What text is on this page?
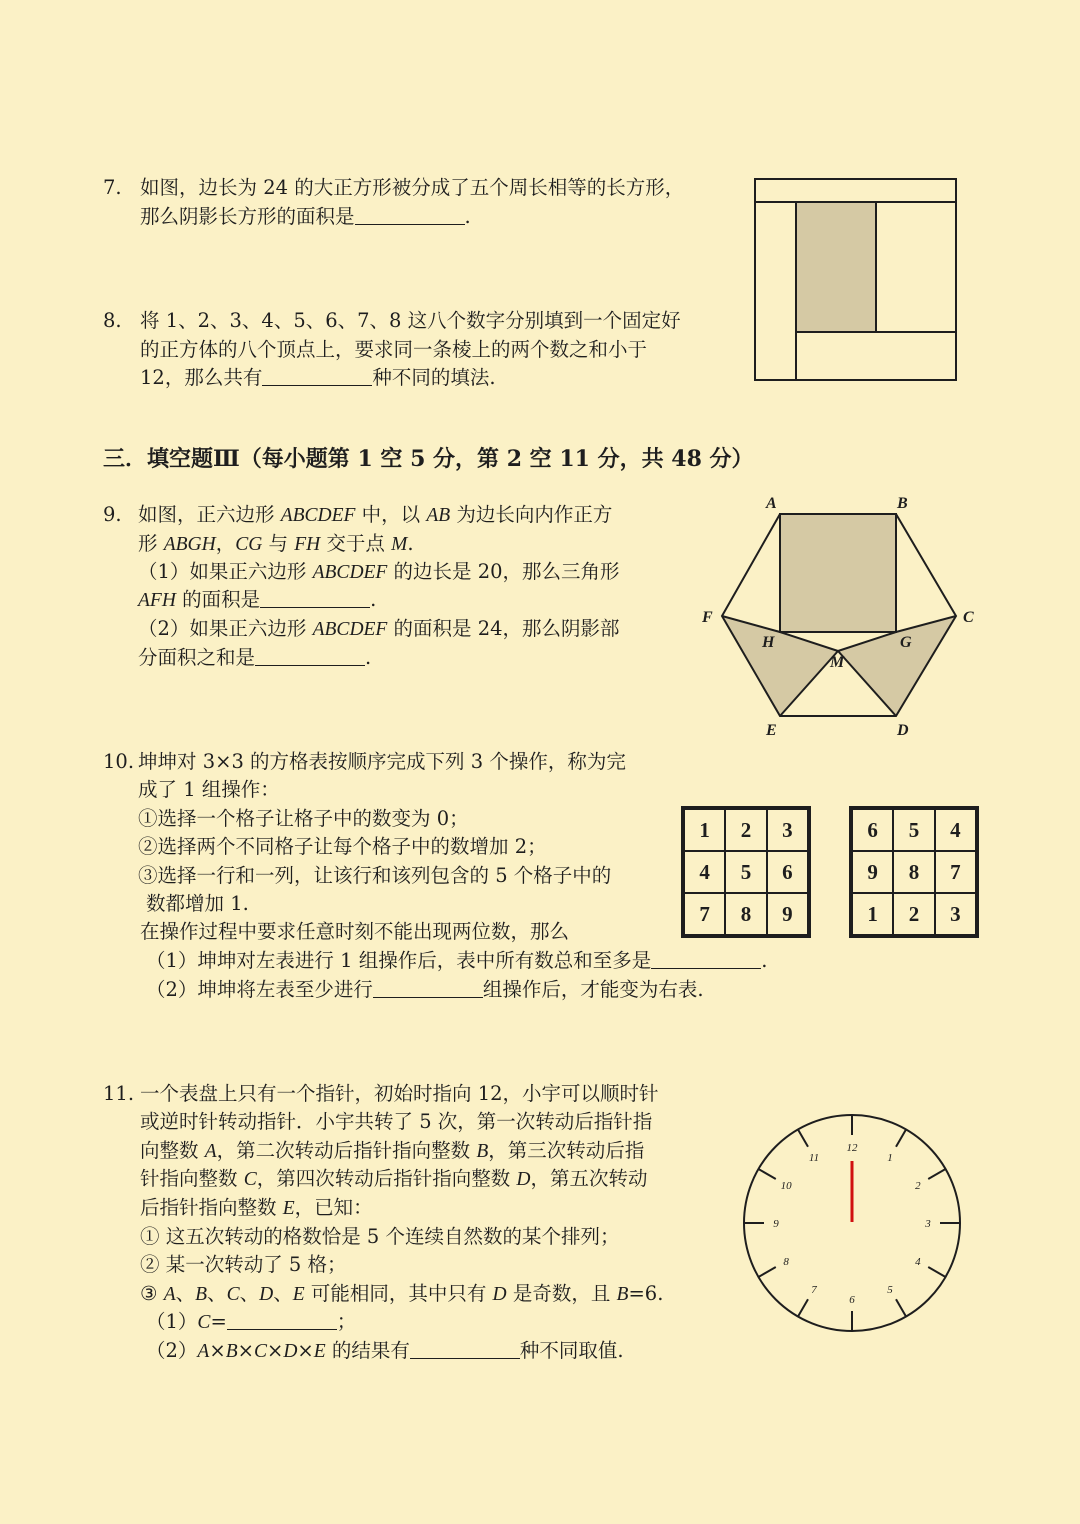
7. 如图，边长为 24 的大正方形被分成了五个周长相等的长方形，
那么阴影长方形的面积是	.
8. 将 1、2、3、4、5、6、7、8 这八个数字分别填到一个固定好
的正方体的八个顶点上，要求同一条棱上的两个数之和小于
12，那么共有	种不同的填法.
三．填空题Ⅲ（每小题第 1 空 5 分，第 2 空 11 分，共 48 分）
9. 如图，正六边形 ABCDEF 中，以 AB 为边长向内作正方
形 ABGH，CG 与 FH 交于点 M.
（1）如果正六边形 ABCDEF 的边长是 20，那么三角形
AFH 的面积是	.
（2）如果正六边形 ABCDEF 的面积是 24，那么阴影部
分面积之和是	.
A	B
C
D
E
F
G
H
M
10. 坤坤对 3×3 的方格表按顺序完成下列 3 个操作，称为完
成了 1 组操作：
①选择一个格子让格子中的数变为 0；
②选择两个不同格子让每个格子中的数增加 2；
③选择一行和一列，让该行和该列包含的 5 个格子中的
数都增加 1.
在操作过程中要求任意时刻不能出现两位数，那么
（1）坤坤对左表进行 1 组操作后，表中所有数总和至多是	.
（2）坤坤将左表至少进行	组操作后，才能变为右表.
1	2	3
4	5	6
7	8	9
6	5	4
9	8	7
1	2	3
11. 一个表盘上只有一个指针，初始时指向 12，小宇可以顺时针
或逆时针转动指针．小宇共转了 5 次，第一次转动后指针指
向整数 A，第二次转动后指针指向整数 B，第三次转动后指
针指向整数 C，第四次转动后指针指向整数 D，第五次转动
后指针指向整数 E，已知：
① 这五次转动的格数恰是 5 个连续自然数的某个排列；
② 某一次转动了 5 格；
③ A、B、C、D、E 可能相同，其中只有 D 是奇数，且 B=6.
（1）C=	；
（2）A×B×C×D×E 的结果有	种不同取值.
12
1
2
3
4
5
6
7
8
9
10
11
